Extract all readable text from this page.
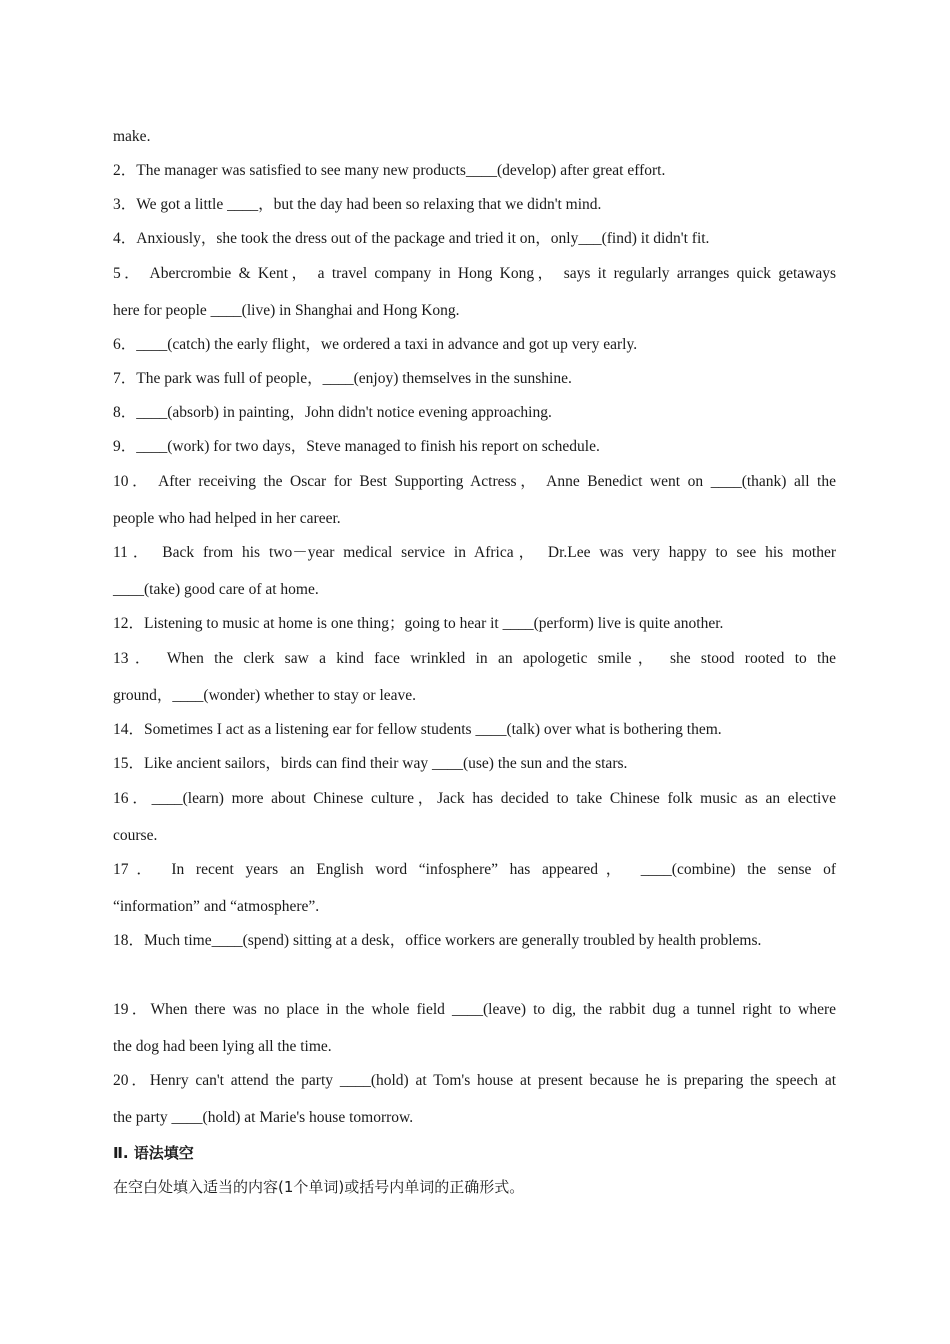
make.
2．The manager was satisfied to see many new products____(develop) after great effort.
3．We got a little ____，but the day had been so relaxing that we didn't mind.
4．Anxiously，she took the dress out of the package and tried it on，only___(find) it didn't fit.
5． Abercrombie & Kent， a travel company in Hong Kong， says it regularly arranges quick getaways
here for people ____(live) in Shanghai and Hong Kong.
6．____(catch) the early flight，we ordered a taxi in advance and got up very early.
7．The park was full of people，____(enjoy) themselves in the sunshine.
8．____(absorb) in painting，John didn't notice evening approaching.
9．____(work) for two days，Steve managed to finish his report on schedule.
10． After receiving the Oscar for Best Supporting Actress， Anne Benedict went on ____(thank) all the
people who had helped in her career.
11． Back from his two－year medical service in Africa， Dr.Lee was very happy to see his mother
____(take) good care of at home.
12．Listening to music at home is one thing；going to hear it ____(perform) live is quite another.
13． When the clerk saw a kind face wrinkled in an apologetic smile， she stood rooted to the
ground，____(wonder) whether to stay or leave.
14．Sometimes I act as a listening ear for fellow students ____(talk) over what is bothering them.
15．Like ancient sailors，birds can find their way ____(use) the sun and the stars.
16．____(learn) more about Chinese culture，Jack has decided to take Chinese folk music as an elective
course.
17． In recent years an English word “infosphere” has appeared， ____(combine) the sense of
“information” and “atmosphere”.
18．Much time____(spend) sitting at a desk，office workers are generally troubled by health problems.
19．When there was no place in the whole field ____(leave) to dig, the rabbit dug a tunnel right to where
the dog had been lying all the time.
20．Henry can't attend the party ____(hold) at Tom's house at present because he is preparing the speech at
the party ____(hold) at Marie's house tomorrow.
Ⅱ. 语法填空
在空白处填入适当的内容(1个单词)或括号内单词的正确形式。
